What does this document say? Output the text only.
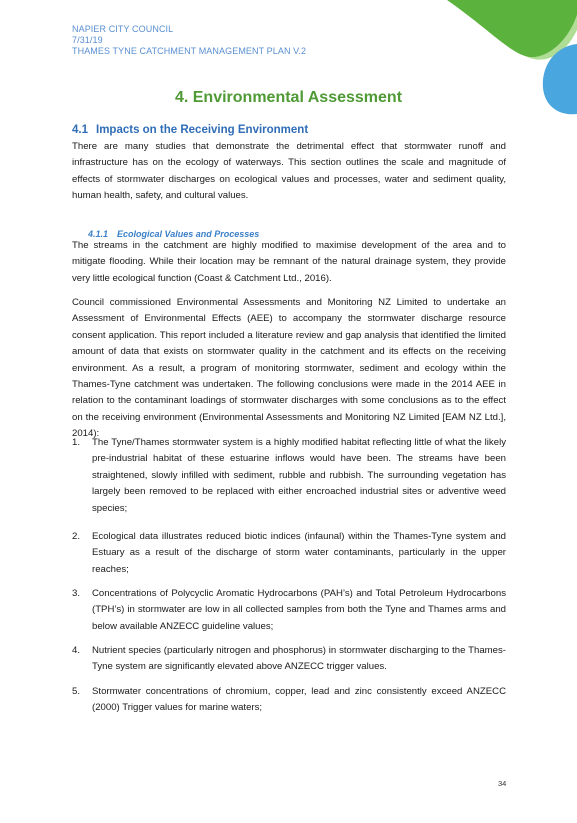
NAPIER CITY COUNCIL
7/31/19
THAMES TYNE CATCHMENT MANAGEMENT PLAN V.2
4. Environmental Assessment
4.1 Impacts on the Receiving Environment

There are many studies that demonstrate the detrimental effect that stormwater runoff and infrastructure has on the ecology of waterways. This section outlines the scale and magnitude of effects of stormwater discharges on ecological values and processes, water and sediment quality, human health, safety, and cultural values.

4.1.1 Ecological Values and Processes

The streams in the catchment are highly modified to maximise development of the area and to mitigate flooding. While their location may be remnant of the natural drainage system, they provide very little ecological function (Coast & Catchment Ltd., 2016).

Council commissioned Environmental Assessments and Monitoring NZ Limited to undertake an Assessment of Environmental Effects (AEE) to accompany the stormwater discharge resource consent application. This report included a literature review and gap analysis that identified the limited amount of data that exists on stormwater quality in the catchment and its effects on the receiving environment. As a result, a program of monitoring stormwater, sediment and ecology within the Thames-Tyne catchment was undertaken. The following conclusions were made in the 2014 AEE in relation to the contaminant loadings of stormwater discharges with some conclusions as to the effect on the receiving environment (Environmental Assessments and Monitoring NZ Limited [EAM NZ Ltd.], 2014):

1.	The Tyne/Thames stormwater system is a highly modified habitat reflecting little of what the likely pre-industrial habitat of these estuarine inflows would have been. The streams have been straightened, slowly infilled with sediment, rubble and rubbish. The surrounding vegetation has largely been removed to be replaced with either encroached industrial sites or adventive weed species;
2.	Ecological data illustrates reduced biotic indices (infaunal) within the Thames-Tyne system and Estuary as a result of the discharge of storm water contaminants, particularly in the upper reaches;
3.	Concentrations of Polycyclic Aromatic Hydrocarbons (PAH’s) and Total Petroleum Hydrocarbons (TPH’s) in stormwater are low in all collected samples from both the Tyne and Thames arms and below available ANZECC guideline values;
4.	Nutrient species (particularly nitrogen and phosphorus) in stormwater discharging to the Thames-Tyne system are significantly elevated above ANZECC trigger values.
5.	Stormwater concentrations of chromium, copper, lead and zinc consistently exceed ANZECC (2000) Trigger values for marine waters;
34
